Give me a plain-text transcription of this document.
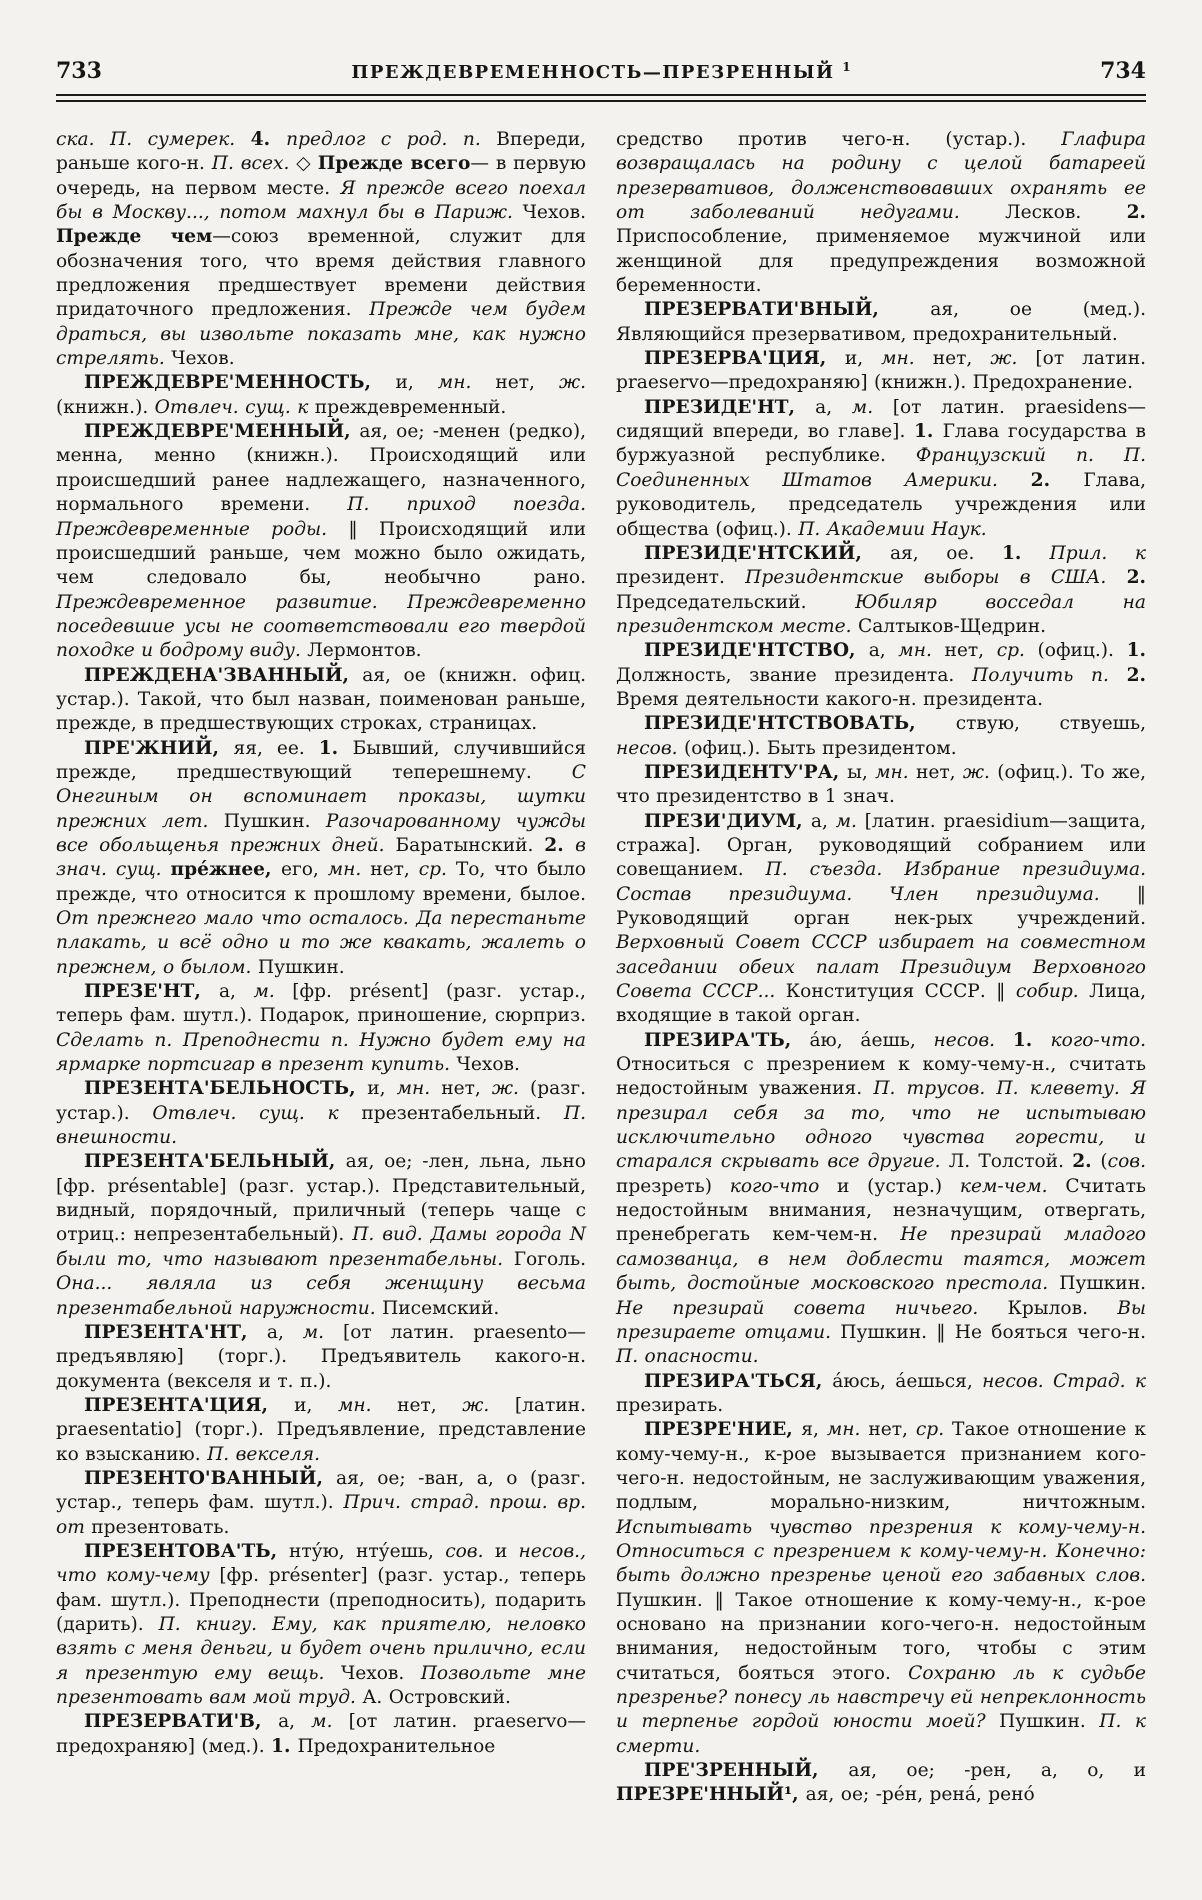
733	ПРЕЖДЕВРЕМЕННОСТЬ—ПРЕЗРЕННЫЙ $^1$	734

ска. П. сумерек. 4. предлог с род. п. Впереди, раньше кого-н. П. всех. ◇ Прежде всего— в первую очередь, на первом месте. Я прежде всего поехал бы в Москву..., потом махнул бы в Париж. Чехов. Прежде чем—союз временной, служит для обозначения того, что время действия главного предложения предшествует времени действия придаточного предложения. Прежде чем будем драться, вы извольте показать мне, как нужно стрелять. Чехов.

ПРЕЖДЕВРЕ'МЕННОСТЬ, и, мн. нет, ж. (книжн.). Отвлеч. сущ. к преждевременный.

ПРЕЖДЕВРЕ'МЕННЫЙ, ая, ое; -менен (редко), менна, менно (книжн.). Происходящий или происшедший ранее надлежащего, назначенного, нормального времени. П. приход поезда. Преждевременные роды. ‖ Происходящий или происшедший раньше, чем можно было ожидать, чем следовало бы, необычно рано. Преждевременное развитие. Преждевременно поседевшие усы не соответствовали его твердой походке и бодрому виду. Лермонтов.

ПРЕЖДЕНА'ЗВАННЫЙ, ая, ое (книжн. офиц. устар.). Такой, что был назван, поименован раньше, прежде, в предшествующих строках, страницах.

ПРЕ'ЖНИЙ, яя, ее. 1. Бывший, случившийся прежде, предшествующий теперешнему. С Онегиным он вспоминает проказы, шутки прежних лет. Пушкин. Разочарованному чужды все обольщенья прежних дней. Баратынский. 2. в знач. сущ. пре́жнее, его, мн. нет, ср. То, что было прежде, что относится к прошлому времени, былое. От прежнего мало что осталось. Да перестаньте плакать, и всё одно и то же квакать, жалеть о прежнем, о былом. Пушкин.

ПРЕЗЕ'НТ, а, м. [фр. présent] (разг. устар., теперь фам. шутл.). Подарок, приношение, сюрприз. Сделать п. Преподнести п. Нужно будет ему на ярмарке портсигар в презент купить. Чехов.

ПРЕЗЕНТА'БЕЛЬНОСТЬ, и, мн. нет, ж. (разг. устар.). Отвлеч. сущ. к презентабельный. П. внешности.

ПРЕЗЕНТА'БЕЛЬНЫЙ, ая, ое; -лен, льна, льно [фр. présentable] (разг. устар.). Представительный, видный, порядочный, приличный (теперь чаще с отриц.: непрезентабельный). П. вид. Дамы города N были то, что называют презентабельны. Гоголь. Она... являла из себя женщину весьма презентабельной наружности. Писемский.

ПРЕЗЕНТА'НТ, а, м. [от латин. praesento—предъявляю] (торг.). Предъявитель какого-н. документа (векселя и т. п.).

ПРЕЗЕНТА'ЦИЯ, и, мн. нет, ж. [латин. praesentatio] (торг.). Предъявление, представление ко взысканию. П. векселя.

ПРЕЗЕНТО'ВАННЫЙ, ая, ое; -ван, а, о (разг. устар., теперь фам. шутл.). Прич. страд. прош. вр. от презентовать.

ПРЕЗЕНТОВА'ТЬ, нту́ю, нту́ешь, сов. и несов., что кому-чему [фр. présenter] (разг. устар., теперь фам. шутл.). Преподнести (преподносить), подарить (дарить). П. книгу. Ему, как приятелю, неловко взять с меня деньги, и будет очень прилично, если я презентую ему вещь. Чехов. Позвольте мне презентовать вам мой труд. А. Островский.

ПРЕЗЕРВАТИ'В, а, м. [от латин. praeservo—предохраняю] (мед.). 1. Предохранительное

средство против чего-н. (устар.). Глафира возвращалась на родину с целой батареей презервативов, долженствовавших охранять ее от заболеваний недугами. Лесков. 2. Приспособление, применяемое мужчиной или женщиной для предупреждения возможной беременности.

ПРЕЗЕРВАТИ'ВНЫЙ, ая, ое (мед.). Являющийся презервативом, предохранительный.

ПРЕЗЕРВА'ЦИЯ, и, мн. нет, ж. [от латин. praeservo—предохраняю] (книжн.). Предохранение.

ПРЕЗИДЕ'НТ, а, м. [от латин. praesidens—сидящий впереди, во главе]. 1. Глава государства в буржуазной республике. Французский п. П. Соединенных Штатов Америки. 2. Глава, руководитель, председатель учреждения или общества (офиц.). П. Академии Наук.

ПРЕЗИДЕ'НТСКИЙ, ая, ое. 1. Прил. к президент. Президентские выборы в США. 2. Председательский. Юбиляр восседал на президентском месте. Салтыков-Щедрин.

ПРЕЗИДЕ'НТСТВО, а, мн. нет, ср. (офиц.). 1. Должность, звание президента. Получить п. 2. Время деятельности какого-н. президента.

ПРЕЗИДЕ'НТСТВОВАТЬ, ствую, ствуешь, несов. (офиц.). Быть президентом.

ПРЕЗИДЕНТУ'РА, ы, мн. нет, ж. (офиц.). То же, что президентство в 1 знач.

ПРЕЗИ'ДИУМ, а, м. [латин. praesidium—защита, стража]. Орган, руководящий собранием или совещанием. П. съезда. Избрание президиума. Состав президиума. Член президиума. ‖ Руководящий орган нек-рых учреждений. Верховный Совет СССР избирает на совместном заседании обеих палат Президиум Верховного Совета СССР... Конституция СССР. ‖ собир. Лица, входящие в такой орган.

ПРЕЗИРА'ТЬ, а́ю, а́ешь, несов. 1. кого-что. Относиться с презрением к кому-чему-н., считать недостойным уважения. П. трусов. П. клевету. Я презирал себя за то, что не испытываю исключительно одного чувства горести, и старался скрывать все другие. Л. Толстой. 2. (сов. презреть) кого-что и (устар.) кем-чем. Считать недостойным внимания, незначущим, отвергать, пренебрегать кем-чем-н. Не презирай младого самозванца, в нем доблести таятся, может быть, достойные московского престола. Пушкин. Не презирай совета ничьего. Крылов. Вы презираете отцами. Пушкин. ‖ Не бояться чего-н. П. опасности.

ПРЕЗИРА'ТЬСЯ, а́юсь, а́ешься, несов. Страд. к презирать.

ПРЕЗРЕ'НИЕ, я, мн. нет, ср. Такое отношение к кому-чему-н., к-рое вызывается признанием кого-чего-н. недостойным, не заслуживающим уважения, подлым, морально-низким, ничтожным. Испытывать чувство презрения к кому-чему-н. Относиться с презрением к кому-чему-н. Конечно: быть должно презренье ценой его забавных слов. Пушкин. ‖ Такое отношение к кому-чему-н., к-рое основано на признании кого-чего-н. недостойным внимания, недостойным того, чтобы с этим считаться, бояться этого. Сохраню ль к судьбе презренье? понесу ль навстречу ей непреклонность и терпенье гордой юности моей? Пушкин. П. к смерти.

ПРЕ'ЗРЕННЫЙ, ая, ое; -рен, а, о, и ПРЕЗРЕ'ННЫЙ¹, ая, ое; -ре́н, рена́, рено́
